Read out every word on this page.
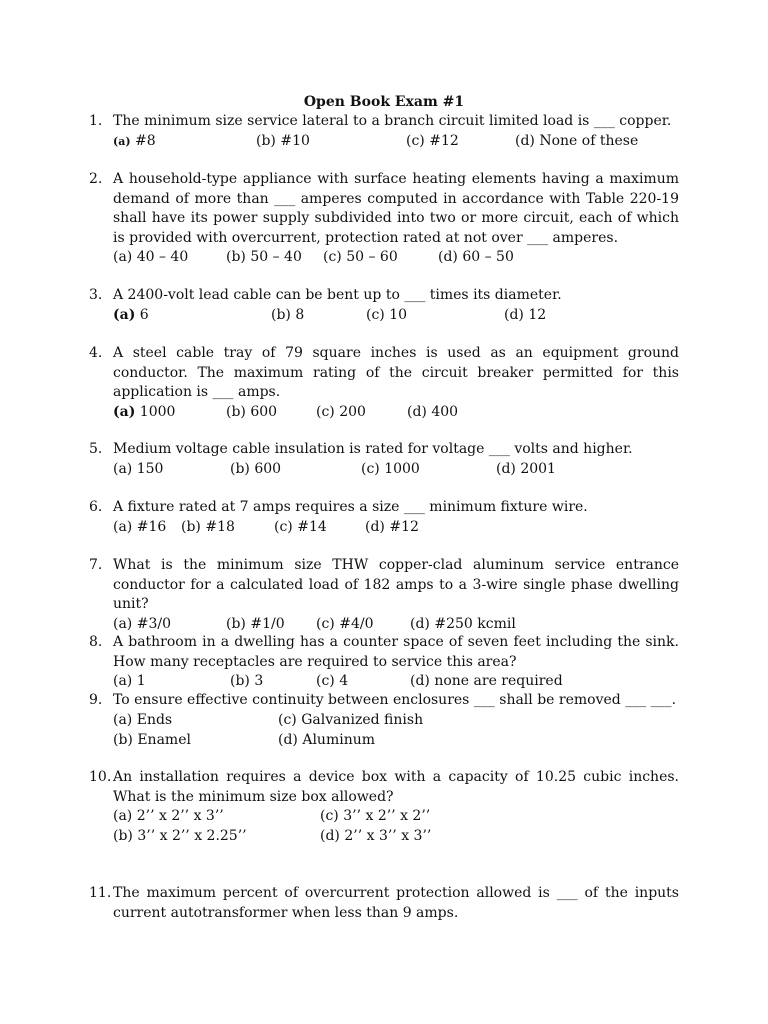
Open Book Exam #1
1. The minimum size service lateral to a branch circuit limited load is ___ copper.
(a) #8	(b) #10	(c) #12	(d) None of these
2. A household-type appliance with surface heating elements having a maximum demand of more than ___ amperes computed in accordance with Table 220-19 shall have its power supply subdivided into two or more circuit, each of which is provided with overcurrent, protection rated at not over ___ amperes.
(a) 40 – 40	(b) 50 – 40 (c) 50 – 60	(d) 60 – 50
3. A 2400-volt lead cable can be bent up to ___ times its diameter.
(a) 6	(b) 8	(c) 10	(d) 12
4. A steel cable tray of 79 square inches is used as an equipment ground conductor. The maximum rating of the circuit breaker permitted for this application is ___ amps.
(a) 1000	(b) 600	(c) 200	(d) 400
5. Medium voltage cable insulation is rated for voltage ___ volts and higher.
(a) 150	(b) 600	(c) 1000	(d) 2001
6. A fixture rated at 7 amps requires a size ___ minimum fixture wire.
(a) #16 (b) #18	(c) #14	(d) #12
7. What is the minimum size THW copper-clad aluminum service entrance conductor for a calculated load of 182 amps to a 3-wire single phase dwelling unit?
(a) #3/0	(b) #1/0 (c) #4/0	(d) #250 kcmil
8. A bathroom in a dwelling has a counter space of seven feet including the sink. How many receptacles are required to service this area?
(a) 1	(b) 3	(c) 4	(d) none are required
9. To ensure effective continuity between enclosures ___ shall be removed ___ ___.
(a) Ends	(c) Galvanized finish
(b) Enamel	(d) Aluminum
10. An installation requires a device box with a capacity of 10.25 cubic inches. What is the minimum size box allowed?
(a) 2’’ x 2’’ x 3’’	(c) 3’’ x 2’’ x 2’’
(b) 3’’ x 2’’ x 2.25’’	(d) 2’’ x 3’’ x 3’’
11. The maximum percent of overcurrent protection allowed is ___ of the inputs current autotransformer when less than 9 amps.
